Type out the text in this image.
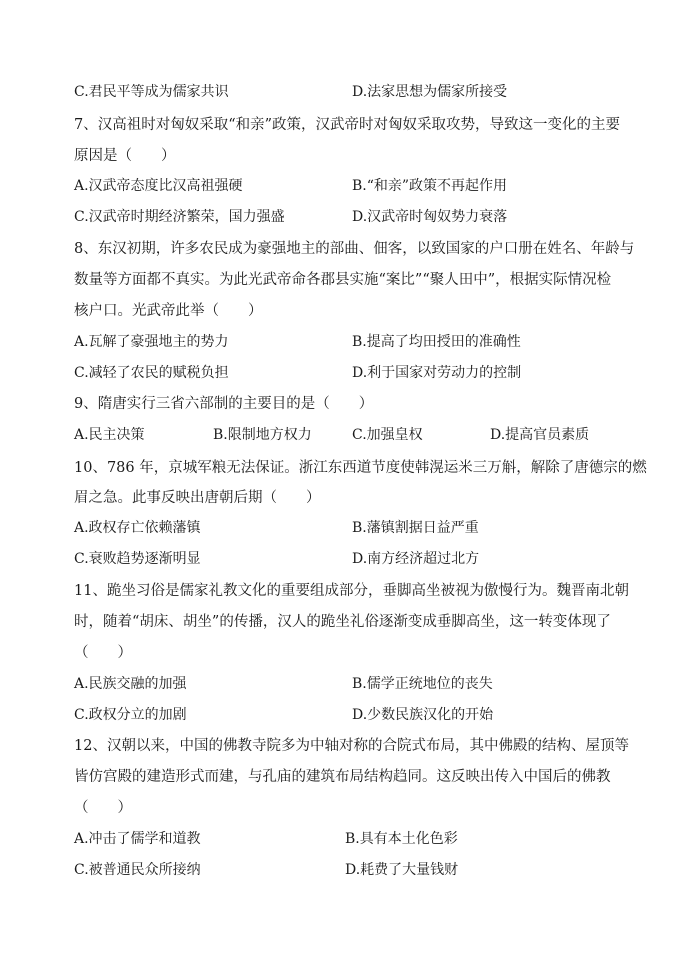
C.君民平等成为儒家共识	D.法家思想为儒家所接受
7、汉高祖时对匈奴采取“和亲”政策，汉武帝时对匈奴采取攻势，导致这一变化的主要
原因是（　　）
A.汉武帝态度比汉高祖强硬	B.“和亲”政策不再起作用
C.汉武帝时期经济繁荣，国力强盛	D.汉武帝时匈奴势力衰落
8、东汉初期，许多农民成为豪强地主的部曲、佃客，以致国家的户口册在姓名、年龄与
数量等方面都不真实。为此光武帝命各郡县实施“案比”“聚人田中”，根据实际情况检
核户口。光武帝此举（　　）
A.瓦解了豪强地主的势力	B.提高了均田授田的准确性
C.减轻了农民的赋税负担	D.利于国家对劳动力的控制
9、隋唐实行三省六部制的主要目的是（　　）
A.民主决策	B.限制地方权力	C.加强皇权	D.提高官员素质
10、786 年，京城军粮无法保证。浙江东西道节度使韩滉运米三万斛，解除了唐德宗的燃
眉之急。此事反映出唐朝后期（　　）
A.政权存亡依赖藩镇	B.藩镇割据日益严重
C.衰败趋势逐渐明显	D.南方经济超过北方
11、跪坐习俗是儒家礼教文化的重要组成部分，垂脚高坐被视为傲慢行为。魏晋南北朝
时，随着“胡床、胡坐”的传播，汉人的跪坐礼俗逐渐变成垂脚高坐，这一转变体现了
（　　）
A.民族交融的加强	B.儒学正统地位的丧失
C.政权分立的加剧	D.少数民族汉化的开始
12、汉朝以来，中国的佛教寺院多为中轴对称的合院式布局，其中佛殿的结构、屋顶等
皆仿宫殿的建造形式而建，与孔庙的建筑布局结构趋同。这反映出传入中国后的佛教
（　　）
A.冲击了儒学和道教	B.具有本土化色彩
C.被普通民众所接纳	D.耗费了大量钱财
